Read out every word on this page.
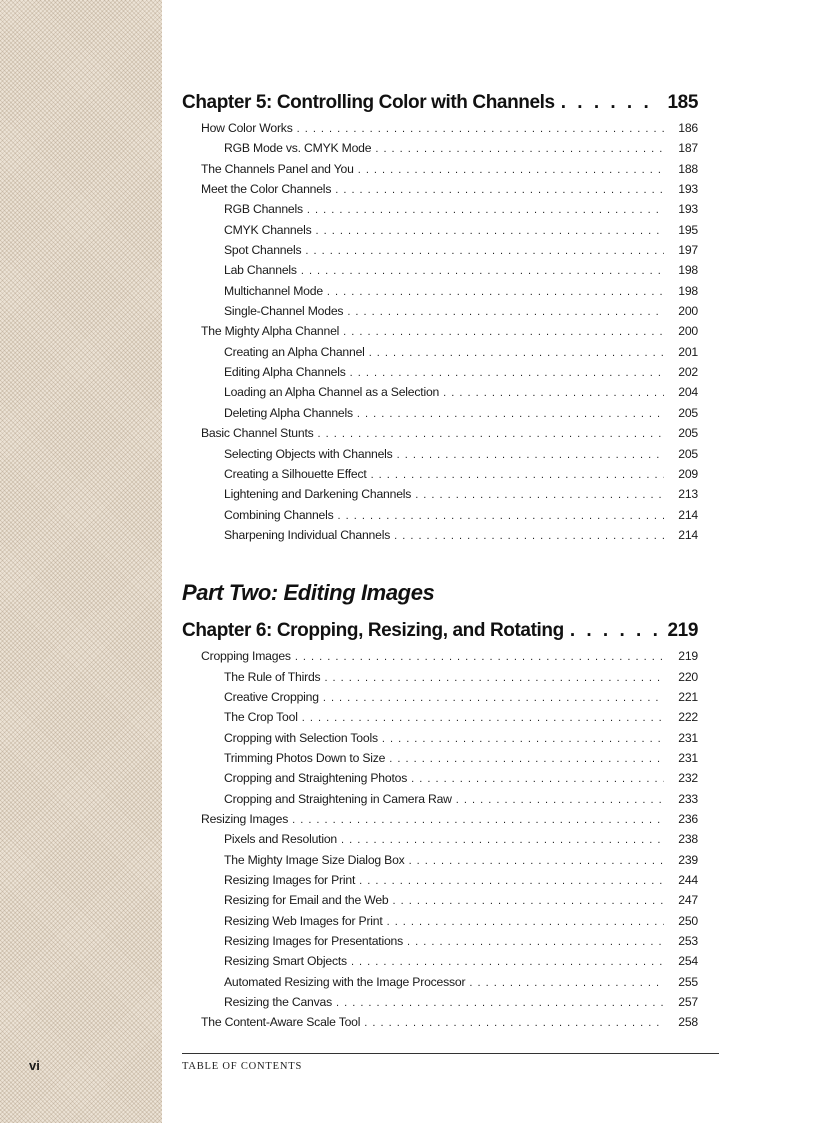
vi
Chapter 5: Controlling Color with Channels . . .	185
How Color Works . . .	186
RGB Mode vs. CMYK Mode . . .	187
The Channels Panel and You . . .	188
Meet the Color Channels . . .	193
RGB Channels . . .	193
CMYK Channels . . .	195
Spot Channels . . .	197
Lab Channels . . .	198
Multichannel Mode . . .	198
Single-Channel Modes . . .	200
The Mighty Alpha Channel . . .	200
Creating an Alpha Channel . . .	201
Editing Alpha Channels . . .	202
Loading an Alpha Channel as a Selection . . .	204
Deleting Alpha Channels . . .	205
Basic Channel Stunts . . .	205
Selecting Objects with Channels . . .	205
Creating a Silhouette Effect . . .	209
Lightening and Darkening Channels . . .	213
Combining Channels . . .	214
Sharpening Individual Channels . . .	214
Part Two: Editing Images
Chapter 6: Cropping, Resizing, and Rotating . . .	219
Cropping Images . . .	219
The Rule of Thirds . . .	220
Creative Cropping . . .	221
The Crop Tool . . .	222
Cropping with Selection Tools . . .	231
Trimming Photos Down to Size . . .	231
Cropping and Straightening Photos . . .	232
Cropping and Straightening in Camera Raw . . .	233
Resizing Images . . .	236
Pixels and Resolution . . .	238
The Mighty Image Size Dialog Box . . .	239
Resizing Images for Print . . .	244
Resizing for Email and the Web . . .	247
Resizing Web Images for Print . . .	250
Resizing Images for Presentations . . .	253
Resizing Smart Objects . . .	254
Automated Resizing with the Image Processor . . .	255
Resizing the Canvas . . .	257
The Content-Aware Scale Tool . . .	258
TABLE OF CONTENTS
